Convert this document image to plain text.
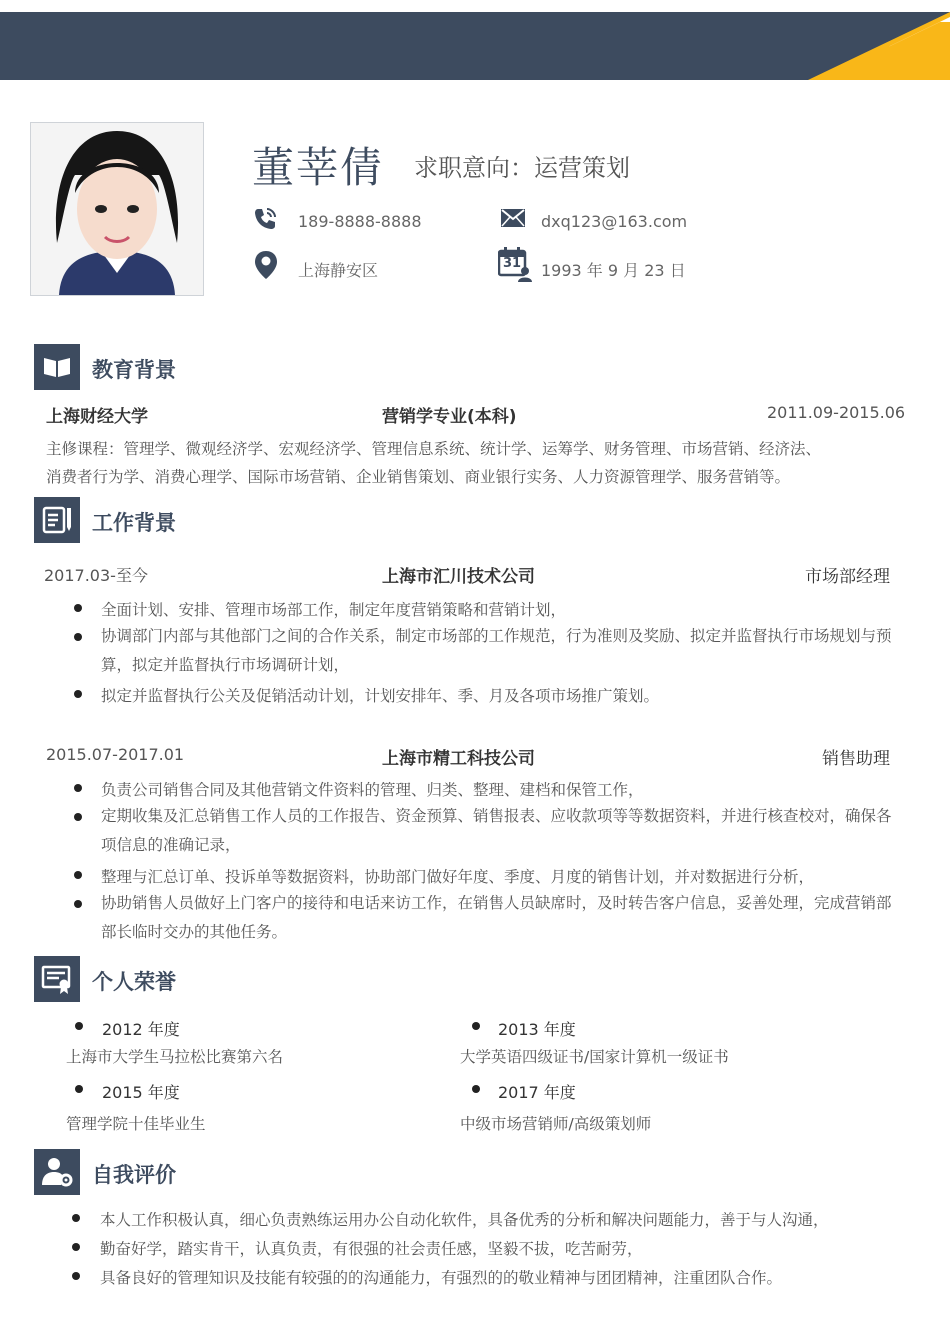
董莘倩 求职意向：运营策划
189-8888-8888	dxq123@163.com
上海静安区	31 1993 年 9 月 23 日
教育背景
上海财经大学	营销学专业(本科)	2011.09-2015.06
主修课程：管理学、微观经济学、宏观经济学、管理信息系统、统计学、运筹学、财务管理、市场营销、经济法、
消费者行为学、消费心理学、国际市场营销、企业销售策划、商业银行实务、人力资源管理学、服务营销等。
工作背景
2017.03-至今	上海市汇川技术公司	市场部经理
全面计划、安排、管理市场部工作，制定年度营销策略和营销计划，
协调部门内部与其他部门之间的合作关系，制定市场部的工作规范，行为准则及奖励、拟定并监督执行市场规划与预算，拟定并监督执行市场调研计划，
拟定并监督执行公关及促销活动计划，计划安排年、季、月及各项市场推广策划。
2015.07-2017.01	上海市精工科技公司	销售助理
负责公司销售合同及其他营销文件资料的管理、归类、整理、建档和保管工作，
定期收集及汇总销售工作人员的工作报告、资金预算、销售报表、应收款项等等数据资料，并进行核查校对，确保各项信息的准确记录，
整理与汇总订单、投诉单等数据资料，协助部门做好年度、季度、月度的销售计划，并对数据进行分析，
协助销售人员做好上门客户的接待和电话来访工作，在销售人员缺席时，及时转告客户信息，妥善处理，完成营销部部长临时交办的其他任务。
个人荣誉
2012 年度
上海市大学生马拉松比赛第六名
2013 年度
大学英语四级证书/国家计算机一级证书
2015 年度
管理学院十佳毕业生
2017 年度
中级市场营销师/高级策划师
自我评价
本人工作积极认真，细心负责熟练运用办公自动化软件，具备优秀的分析和解决问题能力，善于与人沟通，
勤奋好学，踏实肯干，认真负责，有很强的社会责任感，坚毅不拔，吃苦耐劳，
具备良好的管理知识及技能有较强的的沟通能力，有强烈的的敬业精神与团团精神，注重团队合作。
